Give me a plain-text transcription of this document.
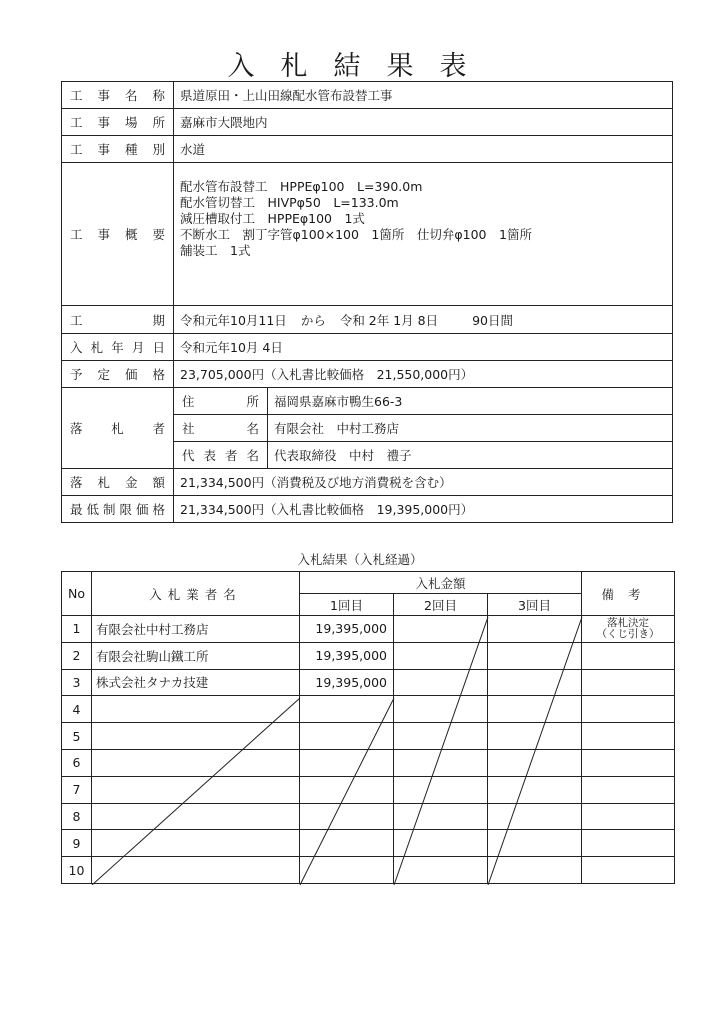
入札結果表
工事名称	県道原田・上山田線配水管布設替工事	
工事場所	嘉麻市大隈地内	
工事種別	水道	
工事概要	配水管布設替工　HPPEφ100　L=390.0m
配水管切替工　HIVPφ50　L=133.0m
減圧槽取付工　HPPEφ100　1式
不断水工　割丁字管φ100×100　1箇所　仕切弁φ100　1箇所
舗装工　1式	

工期	令和元年10月11日 から 令和 2年 1月 8日 90日間	
入札年月日	令和元年10月 4日	
予定価格	23,705,000円（入札書比較価格　21,550,000円）	

落札者	住所	福岡県嘉麻市鴨生66-3
	社名	有限会社　中村工務店
	代表者名	代表取締役　中村　禮子
落札金額	21,334,500円（消費税及び地方消費税を含む）	
最低制限価格	21,334,500円（入札書比較価格　19,395,000円）	
入札結果（入札経過）
No	入札業者名	入札金額			備考
		1回目	2回目	3回目	
1	有限会社中村工務店	19,395,000			落札決定
（くじ引き）

2	有限会社駒山鐵工所	19,395,000			
3	株式会社タナカ技建	19,395,000			
4					
5					
6					
7					
8					
9					
10					
